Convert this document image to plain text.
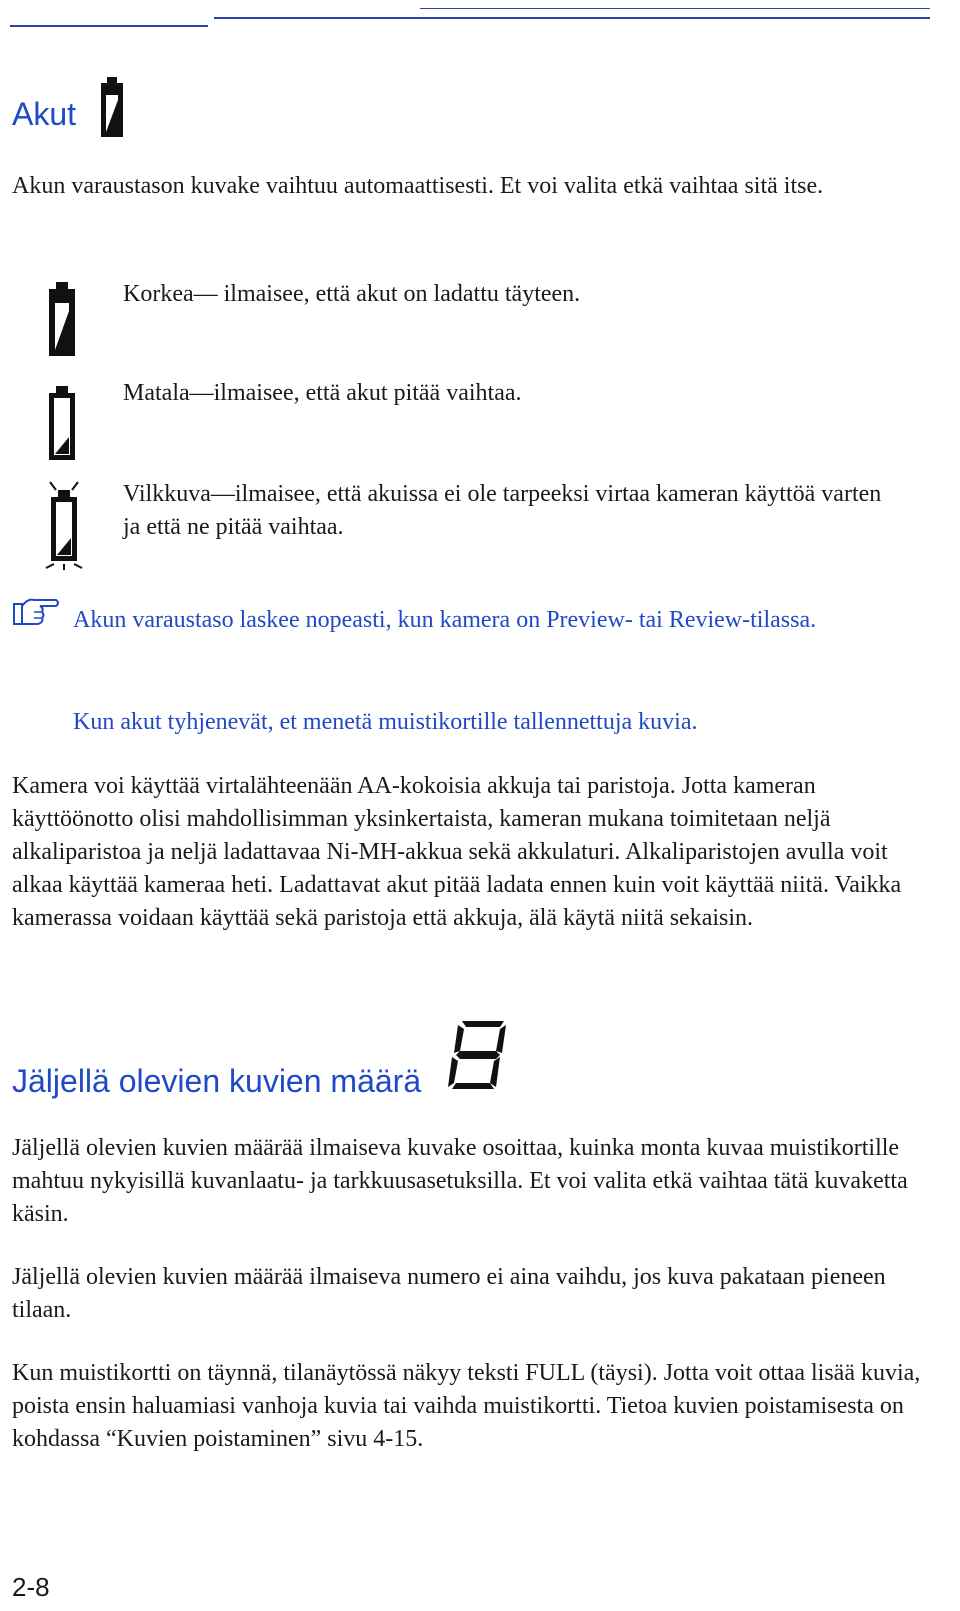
Akut

Akun varaustason kuvake vaihtuu automaattisesti. Et voi valita etkä vaihtaa sitä itse.

Korkea— ilmaisee, että akut on ladattu täyteen.

Matala—ilmaisee, että akut pitää vaihtaa.

Vilkkuva—ilmaisee, että akuissa ei ole tarpeeksi virtaa kameran käyttöä varten ja että ne pitää vaihtaa.

Akun varaustaso laskee nopeasti, kun kamera on Preview- tai Review-tilassa.

Kun akut tyhjenevät, et menetä muistikortille tallennettuja kuvia.

Kamera voi käyttää virtalähteenään AA-kokoisia akkuja tai paristoja. Jotta kameran käyttöönotto olisi mahdollisimman yksinkertaista, kameran mukana toimitetaan neljä alkaliparistoa ja neljä ladattavaa Ni-MH-akkua sekä akkulaturi. Alkaliparistojen avulla voit alkaa käyttää kameraa heti. Ladattavat akut pitää ladata ennen kuin voit käyttää niitä. Vaikka kamerassa voidaan käyttää sekä paristoja että akkuja, älä käytä niitä sekaisin.

Jäljellä olevien kuvien määrä

Jäljellä olevien kuvien määrää ilmaiseva kuvake osoittaa, kuinka monta kuvaa muistikortille mahtuu nykyisillä kuvanlaatu- ja tarkkuusasetuksilla. Et voi valita etkä vaihtaa tätä kuvaketta käsin.

Jäljellä olevien kuvien määrää ilmaiseva numero ei aina vaihdu, jos kuva pakataan pieneen tilaan.

Kun muistikortti on täynnä, tilanäytössä näkyy teksti FULL (täysi). Jotta voit ottaa lisää kuvia, poista ensin haluamiasi vanhoja kuvia tai vaihda muistikortti. Tietoa kuvien poistamisesta on kohdassa “Kuvien poistaminen” sivu 4-15.

2-8
